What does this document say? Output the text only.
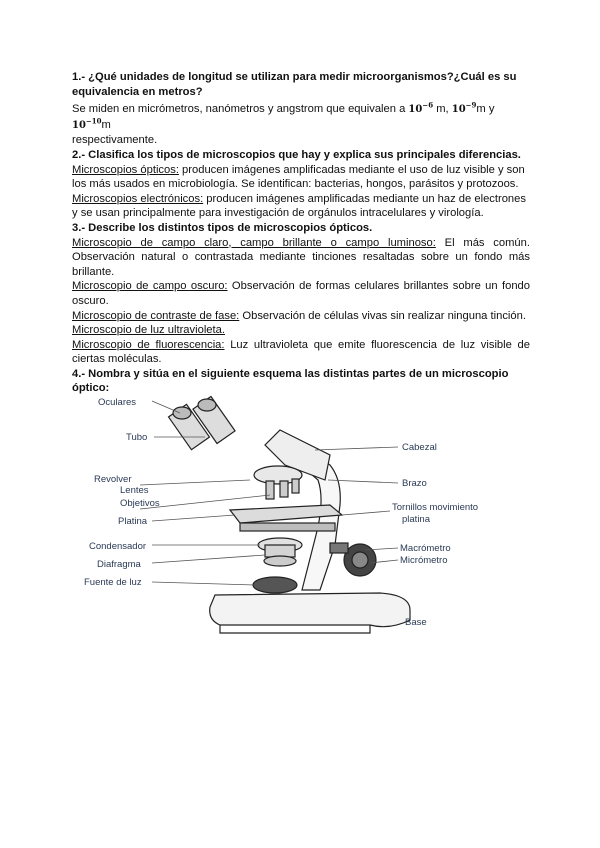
1.- ¿Qué unidades de longitud se utilizan para medir microorganismos?¿Cuál es su equivalencia en metros?

Se miden en micrómetros, nanómetros y angstrom que equivalen a $10^{-6}$ m, $10^{-9}m$ y $10^{-10}m$
respectivamente.

2.- Clasifica los tipos de microscopios que hay y explica sus principales diferencias.

Microscopios ópticos: producen imágenes amplificadas mediante el uso de luz visible y son los más usados en microbiología. Se identifican: bacterias, hongos, parásitos y protozoos.

Microscopios electrónicos: producen imágenes amplificadas mediante un haz de electrones y se usan principalmente para investigación de orgánulos intracelulares y virología.

3.- Describe los distintos tipos de microscopios ópticos.

Microscopio de campo claro, campo brillante o campo luminoso: El más común. Observación natural o contrastada mediante tinciones resaltadas sobre un fondo más brillante.

Microscopio de campo oscuro: Observación de formas celulares brillantes sobre un fondo oscuro.

Microscopio de contraste de fase: Observación de células vivas sin realizar ninguna tinción.

Microscopio de luz ultravioleta.

Microscopio de fluorescencia: Luz ultravioleta que emite fluorescencia de luz visible de ciertas moléculas.

4.- Nombra y sitúa en el siguiente esquema las distintas partes de un microscopio óptico:

Oculares
Tubo
Revolver
Lentes
Objetivos
Platina
Condensador
Diafragma
Fuente de luz
Cabezal
Brazo
Tornillos movimiento
platina
Macrómetro
Micrómetro
Base
